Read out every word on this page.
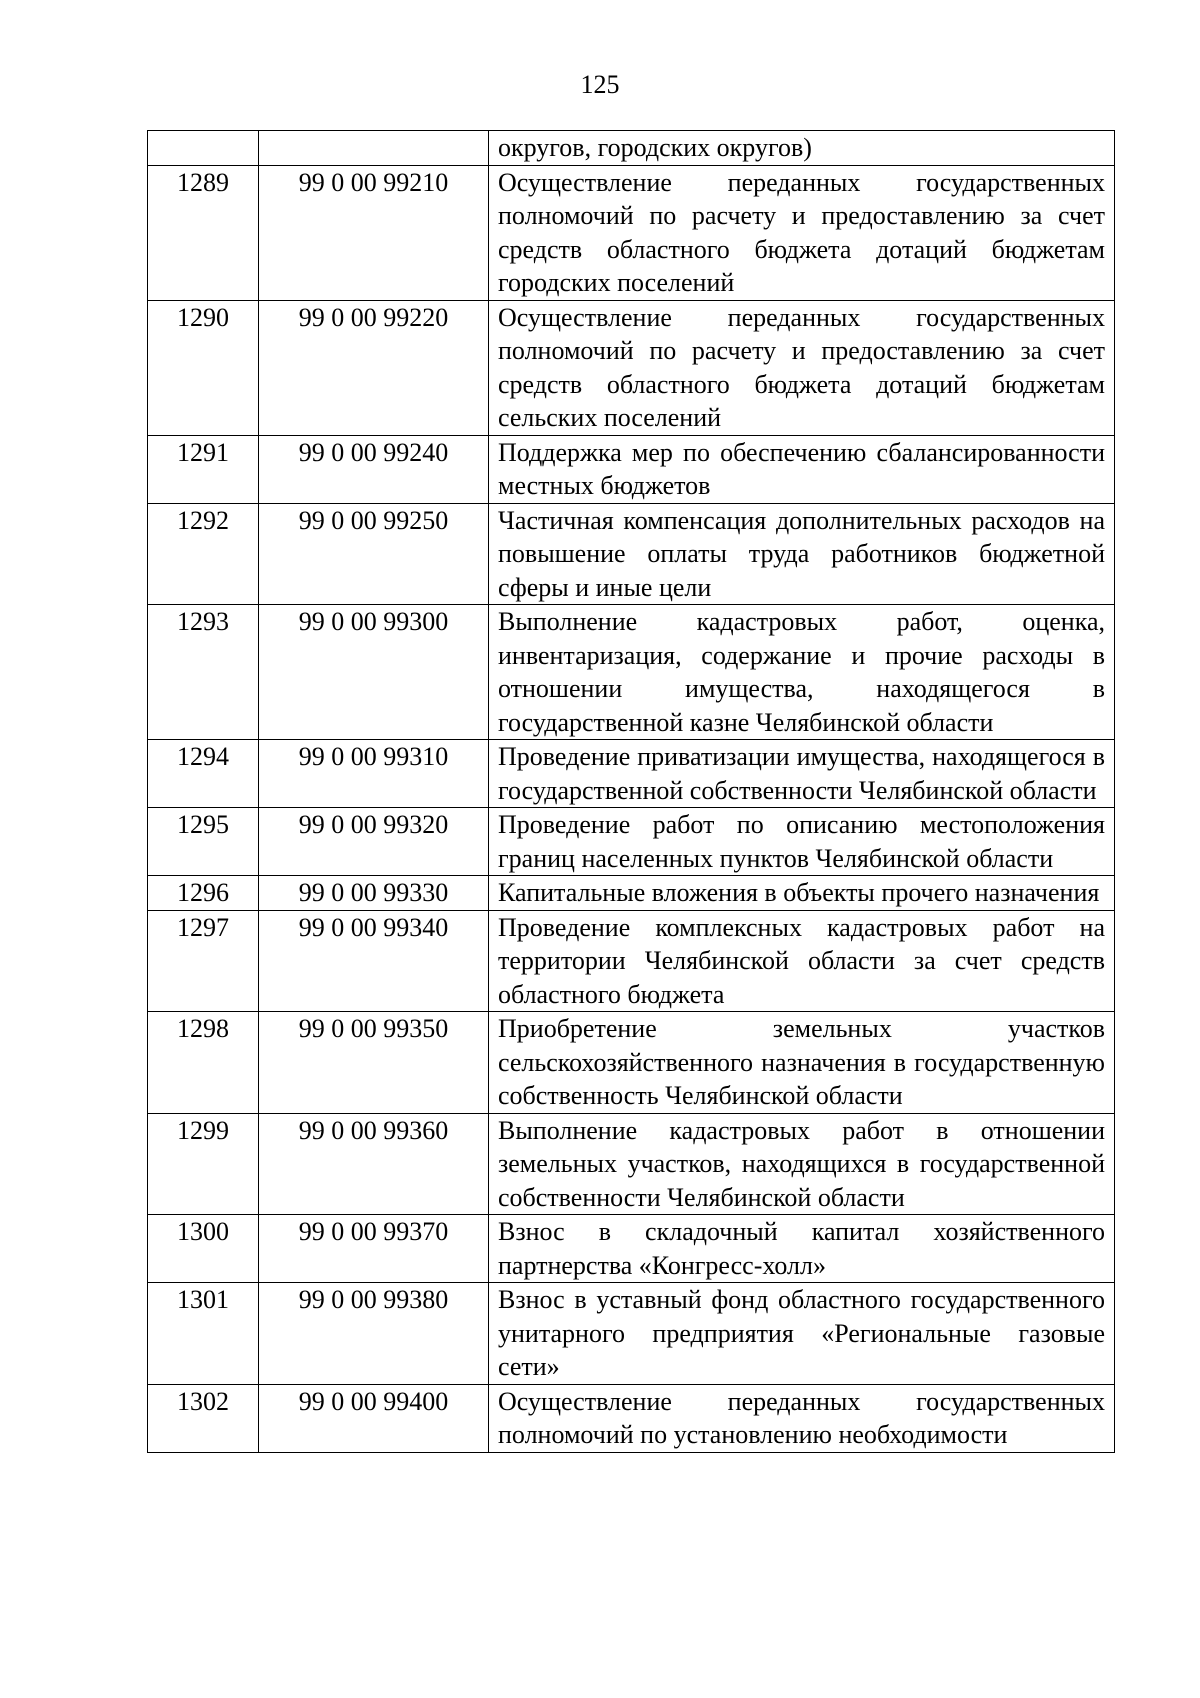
125
		округов, городских округов)
1289	99 0 00 99210	Осуществление переданных государственных полномочий по расчету и предоставлению за счет средств областного бюджета дотаций бюджетам городских поселений
1290	99 0 00 99220	Осуществление переданных государственных полномочий по расчету и предоставлению за счет средств областного бюджета дотаций бюджетам сельских поселений
1291	99 0 00 99240	Поддержка мер по обеспечению сбалансированности местных бюджетов
1292	99 0 00 99250	Частичная компенсация дополнительных расходов на повышение оплаты труда работников бюджетной сферы и иные цели
1293	99 0 00 99300	Выполнение кадастровых работ, оценка, инвентаризация, содержание и прочие расходы в отношении имущества, находящегося в государственной казне Челябинской области
1294	99 0 00 99310	Проведение приватизации имущества, находящегося в государственной собственности Челябинской области
1295	99 0 00 99320	Проведение работ по описанию местоположения границ населенных пунктов Челябинской области
1296	99 0 00 99330	Капитальные вложения в объекты прочего назначения
1297	99 0 00 99340	Проведение комплексных кадастровых работ на территории Челябинской области за счет средств областного бюджета
1298	99 0 00 99350	Приобретение земельных участков сельскохозяйственного назначения в государственную собственность Челябинской области
1299	99 0 00 99360	Выполнение кадастровых работ в отношении земельных участков, находящихся в государственной собственности Челябинской области
1300	99 0 00 99370	Взнос в складочный капитал хозяйственного партнерства «Конгресс-холл»
1301	99 0 00 99380	Взнос в уставный фонд областного государственного унитарного предприятия «Региональные газовые сети»
1302	99 0 00 99400	Осуществление переданных государственных полномочий по установлению необходимости
